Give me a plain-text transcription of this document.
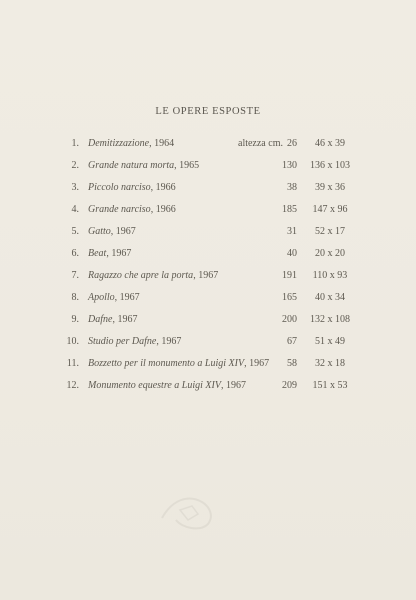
LE OPERE ESPOSTE
1. Demitizzazione, 1964	altezza cm. 26	46 x 39
2. Grande natura morta, 1965	130 136 x 103
3. Piccolo narciso, 1966	38	39 x 36
4. Grande narciso, 1966	185	147 x 96
5. Gatto, 1967	31	52 x 17
6. Beat, 1967	40	20 x 20
7. Ragazzo che apre la porta, 1967	191	110 x 93
8. Apollo, 1967	165	40 x 34
9. Dafne, 1967	200 132 x 108
10. Studio per Dafne, 1967	67	51 x 49
11. Bozzetto per il monumento a Luigi XIV, 1967 58	32 x 18
12. Monumento equestre a Luigi XIV, 1967	209	151 x 53
